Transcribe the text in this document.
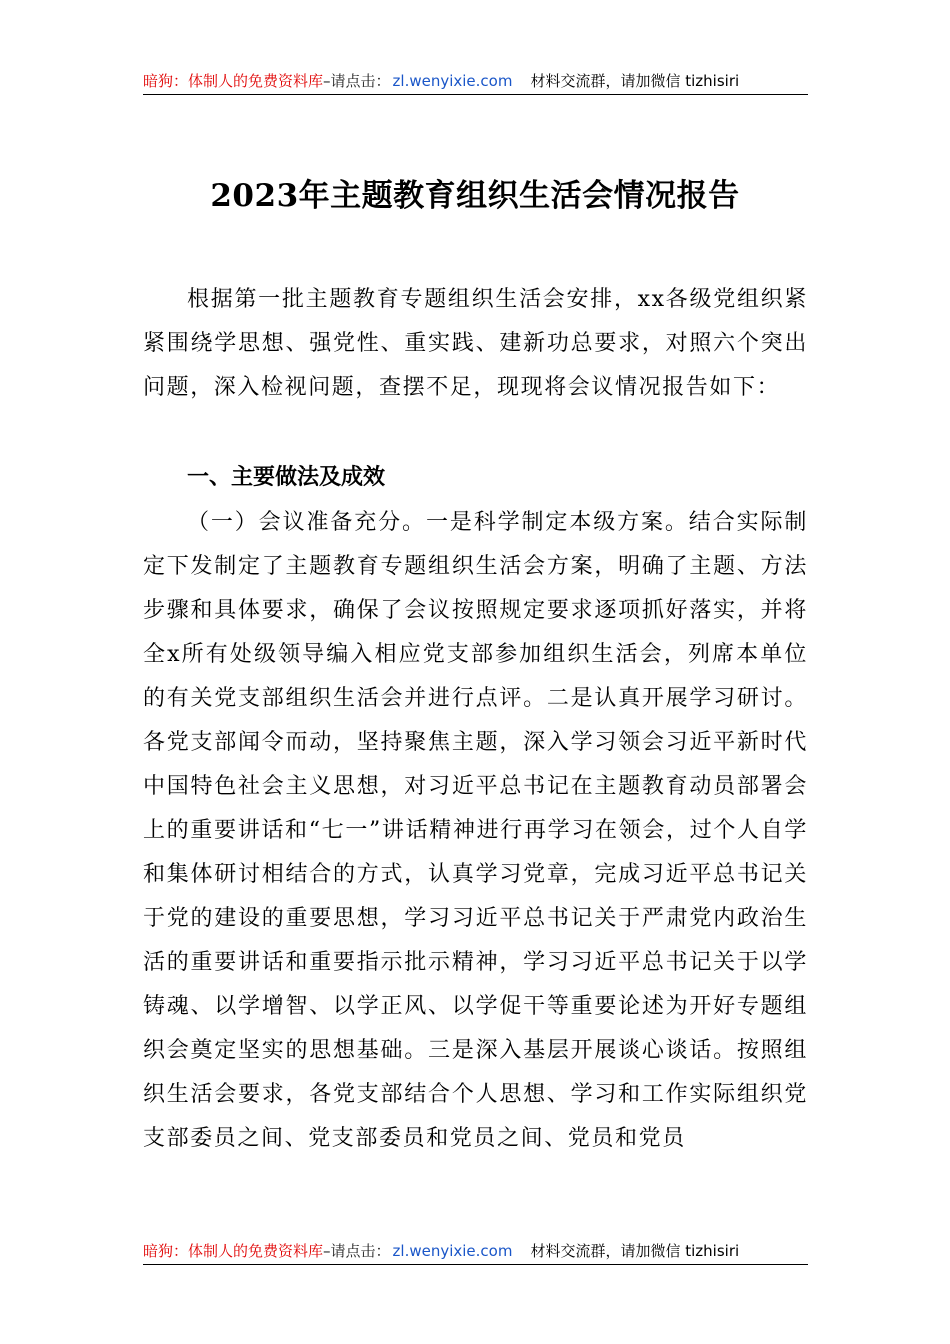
暗狗：体制人的免费资料库–请点击： zl.wenyixie.com 材料交流群，请加微信 tizhisiri
2023年主题教育组织生活会情况报告

根据第一批主题教育专题组织生活会安排，xx各级党组织紧紧围绕学思想、强党性、重实践、建新功总要求，对照六个突出问题，深入检视问题，查摆不足，现现将会议情况报告如下：

一、主要做法及成效

（一）会议准备充分。一是科学制定本级方案。结合实际制定下发制定了主题教育专题组织生活会方案，明确了主题、方法步骤和具体要求，确保了会议按照规定要求逐项抓好落实，并将全x所有处级领导编入相应党支部参加组织生活会，列席本单位的有关党支部组织生活会并进行点评。二是认真开展学习研讨。各党支部闻令而动，坚持聚焦主题，深入学习领会习近平新时代中国特色社会主义思想，对习近平总书记在主题教育动员部署会上的重要讲话和“七一”讲话精神进行再学习在领会，过个人自学和集体研讨相结合的方式，认真学习党章，完成习近平总书记关于党的建设的重要思想，学习习近平总书记关于严肃党内政治生活的重要讲话和重要指示批示精神，学习习近平总书记关于以学铸魂、以学增智、以学正风、以学促干等重要论述为开好专题组织会奠定坚实的思想基础。三是深入基层开展谈心谈话。按照组织生活会要求，各党支部结合个人思想、学习和工作实际组织党支部委员之间、党支部委员和党员之间、党员和党员

暗狗：体制人的免费资料库–请点击： zl.wenyixie.com 材料交流群，请加微信 tizhisiri
